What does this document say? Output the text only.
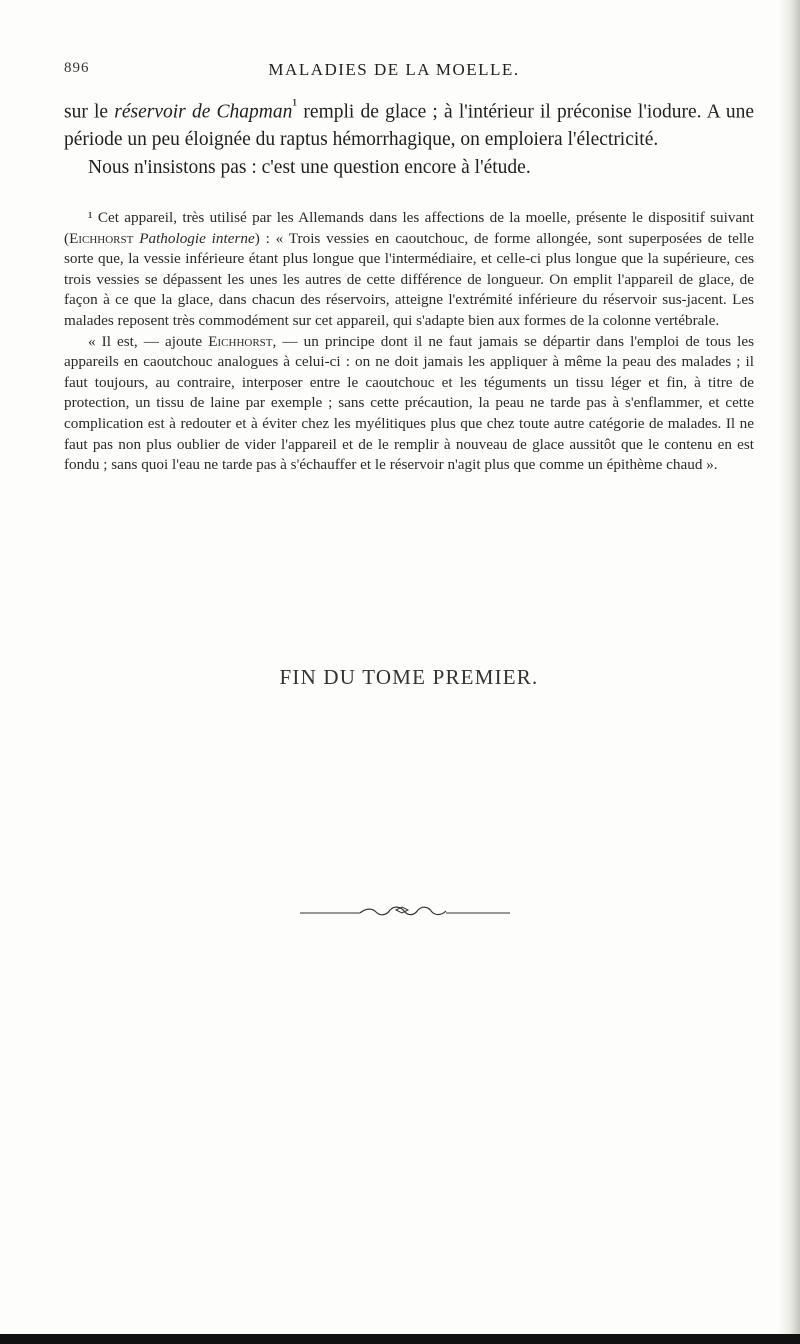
896	MALADIES DE LA MOELLE.

sur le réservoir de Chapman$^{^1}$ rempli de glace ; à l'intérieur il préconise l'iodure. A une période un peu éloignée du raptus hémorrhagique, on emploiera l'électricité.

Nous n'insistons pas : c'est une question encore à l'étude.

¹ Cet appareil, très utilisé par les Allemands dans les affections de la moelle, présente le dispositif suivant (Eichhorst Pathologie interne) : « Trois vessies en caoutchouc, de forme allongée, sont superposées de telle sorte que, la vessie inférieure étant plus longue que l'intermédiaire, et celle-ci plus longue que la supérieure, ces trois vessies se dépassent les unes les autres de cette différence de longueur. On emplit l'appareil de glace, de façon à ce que la glace, dans chacun des réservoirs, atteigne l'extrémité inférieure du réservoir sus-jacent. Les malades reposent très commodément sur cet appareil, qui s'adapte bien aux formes de la colonne vertébrale.

« Il est, — ajoute Eichhorst, — un principe dont il ne faut jamais se départir dans l'emploi de tous les appareils en caoutchouc analogues à celui-ci : on ne doit jamais les appliquer à même la peau des malades ; il faut toujours, au contraire, interposer entre le caoutchouc et les téguments un tissu léger et fin, à titre de protection, un tissu de laine par exemple ; sans cette précaution, la peau ne tarde pas à s'enflammer, et cette complication est à redouter et à éviter chez les myélitiques plus que chez toute autre catégorie de malades. Il ne faut pas non plus oublier de vider l'appareil et de le remplir à nouveau de glace aussitôt que le contenu en est fondu ; sans quoi l'eau ne tarde pas à s'échauffer et le réservoir n'agit plus que comme un épithème chaud ».

FIN DU TOME PREMIER.
